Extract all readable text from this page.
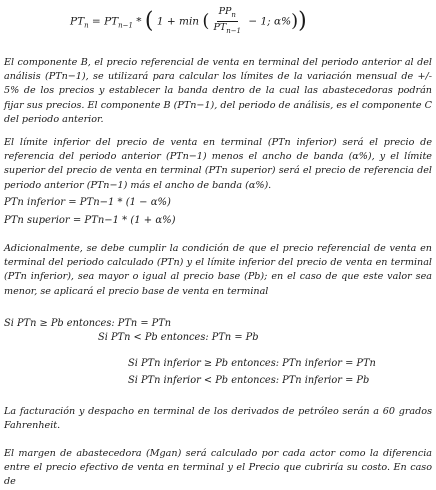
$PT_n = PT_{n-1}$ * ( 1 + min ( $\frac{PP_n}{PT_{n-1}} - 1$; α%))

El componente B, el precio referencial de venta en terminal del periodo anterior al del análisis (PTn−1), se utilizará para calcular los límites de la variación mensual de +/- 5% de los precios y establecer la banda dentro de la cual las abastecedoras podrán fijar sus precios. El componente B (PTn−1), del periodo de análisis, es el componente C del periodo anterior.

El límite inferior del precio de venta en terminal (PTn inferior) será el precio de referencia del periodo anterior (PTn−1) menos el ancho de banda (α%), y el límite superior del precio de venta en terminal (PTn superior) será el precio de referencia del periodo anterior (PTn−1) más el ancho de banda (α%).

PTn inferior = PTn−1 * (1 − α%)
PTn superior = PTn−1 * (1 + α%)

Adicionalmente, se debe cumplir la condición de que el precio referencial de venta en terminal del periodo calculado (PTn) y el límite inferior del precio de venta en terminal (PTn inferior), sea mayor o igual al precio base (Pb); en el caso de que este valor sea menor, se aplicará el precio base de venta en terminal

Si PTn ≥ Pb entonces: PTn = PTn
Si PTn < Pb entonces: PTn = Pb
Si PTn inferior ≥ Pb entonces: PTn inferior = PTn
Si PTn inferior < Pb entonces: PTn inferior = Pb

La facturación y despacho en terminal de los derivados de petróleo serán a 60 grados Fahrenheit.

El margen de abastecedora (Mgan) será calculado por cada actor como la diferencia entre el precio efectivo de venta en terminal y el Precio que cubriría su costo. En caso de
